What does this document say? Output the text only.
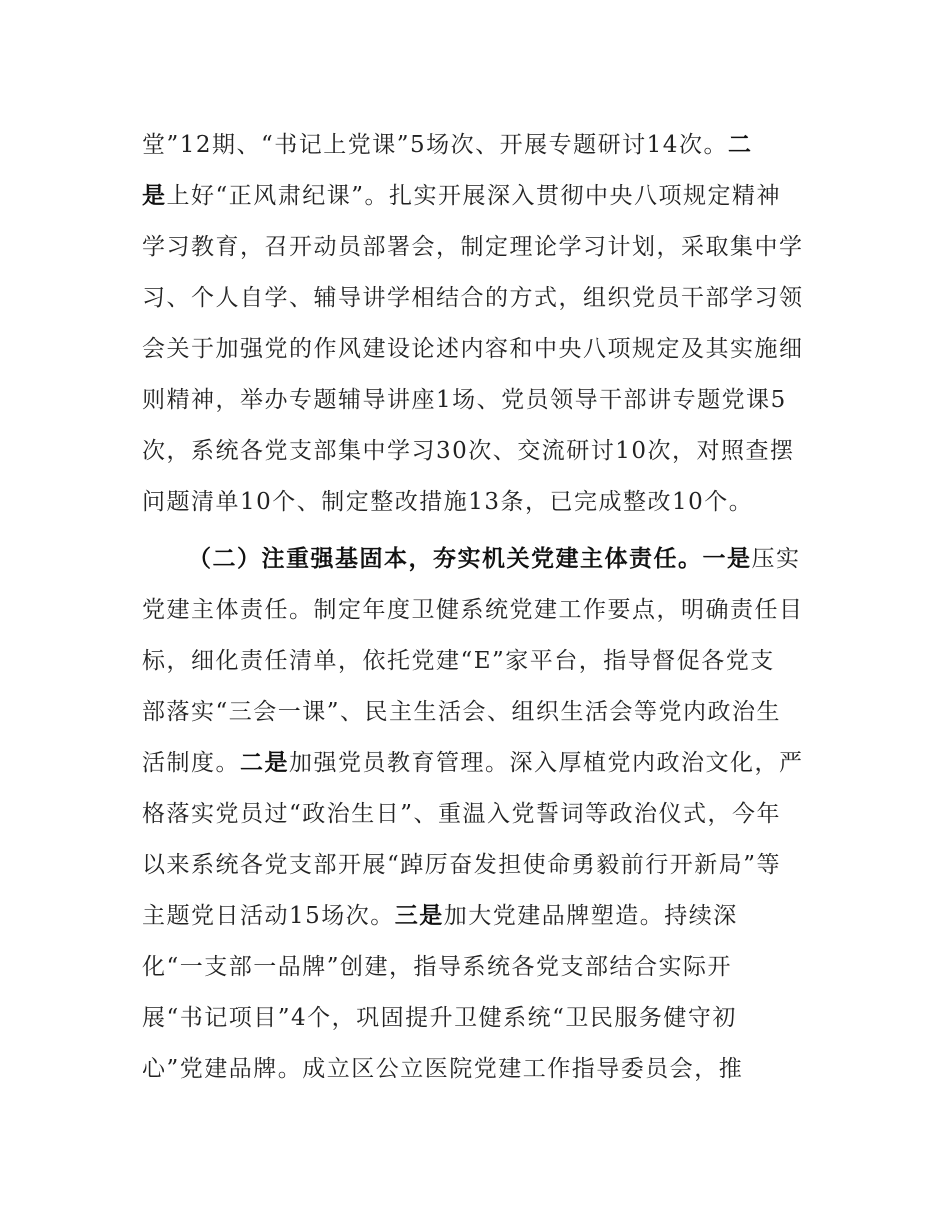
堂”12期、“书记上党课”5场次、开展专题研讨14次。二
是上好“正风肃纪课”。扎实开展深入贯彻中央八项规定精神
学习教育，召开动员部署会，制定理论学习计划，采取集中学
习、个人自学、辅导讲学相结合的方式，组织党员干部学习领
会关于加强党的作风建设论述内容和中央八项规定及其实施细
则精神，举办专题辅导讲座1场、党员领导干部讲专题党课5
次，系统各党支部集中学习30次、交流研讨10次，对照查摆
问题清单10个、制定整改措施13条，已完成整改10个。
（二）注重强基固本，夯实机关党建主体责任。一是压实
党建主体责任。制定年度卫健系统党建工作要点，明确责任目
标，细化责任清单，依托党建“E”家平台，指导督促各党支
部落实“三会一课”、民主生活会、组织生活会等党内政治生
活制度。二是加强党员教育管理。深入厚植党内政治文化，严
格落实党员过“政治生日”、重温入党誓词等政治仪式，今年
以来系统各党支部开展“踔厉奋发担使命勇毅前行开新局”等
主题党日活动15场次。三是加大党建品牌塑造。持续深
化“一支部一品牌”创建，指导系统各党支部结合实际开
展“书记项目”4个，巩固提升卫健系统“卫民服务健守初
心”党建品牌。成立区公立医院党建工作指导委员会，推
